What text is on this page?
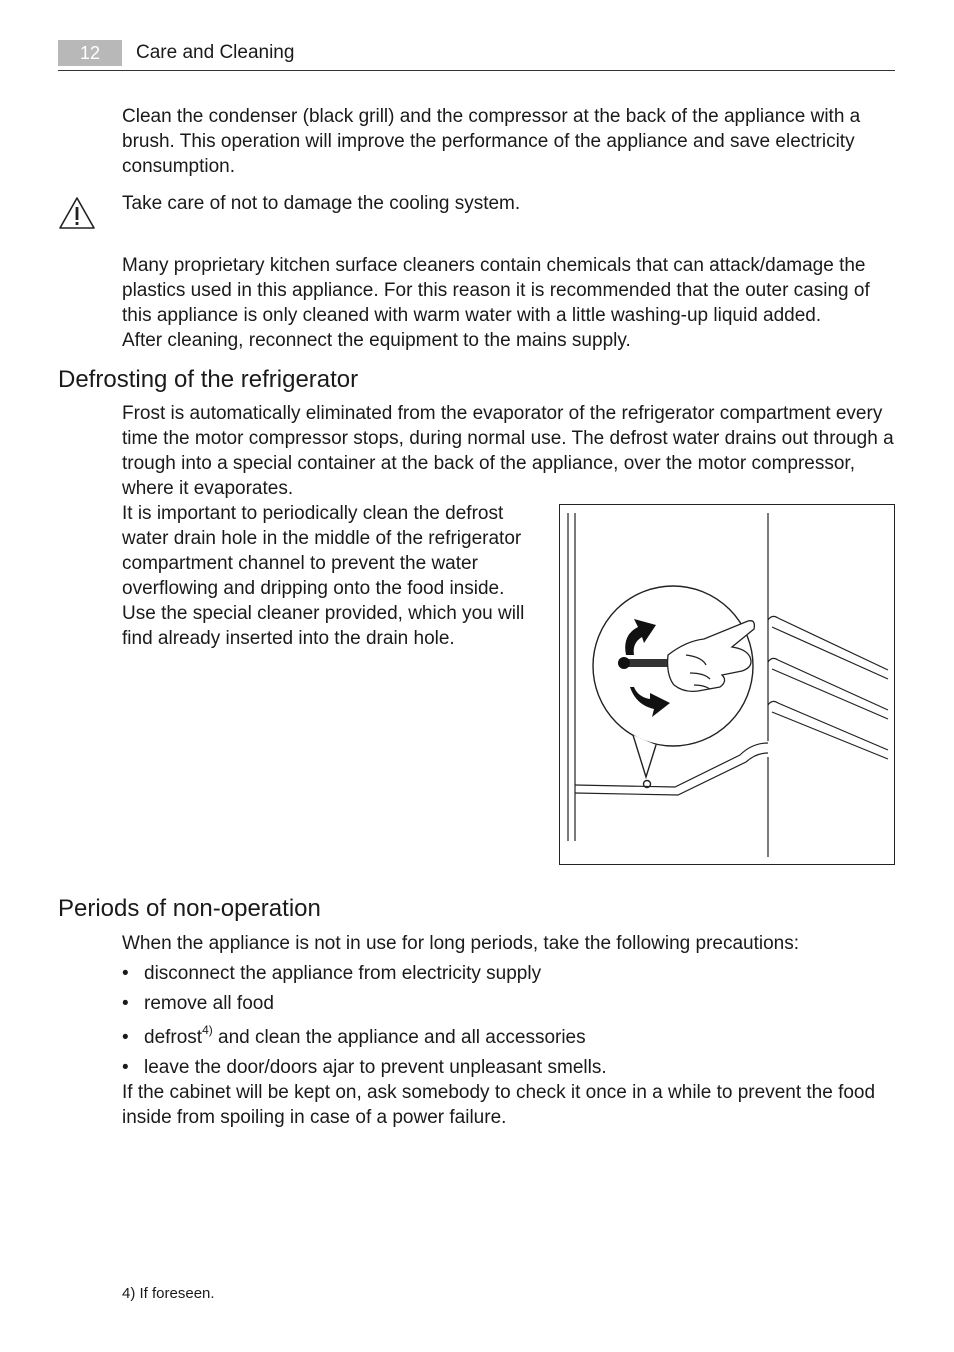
12	Care and Cleaning
Clean the condenser (black grill) and the compressor at the back of the appliance with a brush. This operation will improve the performance of the appliance and save electricity consumption.
Take care of not to damage the cooling system.
Many proprietary kitchen surface cleaners contain chemicals that can attack/damage the plastics used in this appliance. For this reason it is recommended that the outer casing of this appliance is only cleaned with warm water with a little washing-up liquid added.
After cleaning, reconnect the equipment to the mains supply.
Defrosting of the refrigerator
Frost is automatically eliminated from the evaporator of the refrigerator compartment every time the motor compressor stops, during normal use. The defrost water drains out through a trough into a special container at the back of the appliance, over the motor compressor, where it evaporates.
It is important to periodically clean the defrost water drain hole in the middle of the refrigerator compartment channel to prevent the water overflowing and dripping onto the food inside. Use the special cleaner provided, which you will find already inserted into the drain hole.
Periods of non-operation
When the appliance is not in use for long periods, take the following precautions:
• disconnect the appliance from electricity supply
• remove all food
• defrost$^{4)}$ and clean the appliance and all accessories
• leave the door/doors ajar to prevent unpleasant smells.
If the cabinet will be kept on, ask somebody to check it once in a while to prevent the food inside from spoiling in case of a power failure.
4) If foreseen.
